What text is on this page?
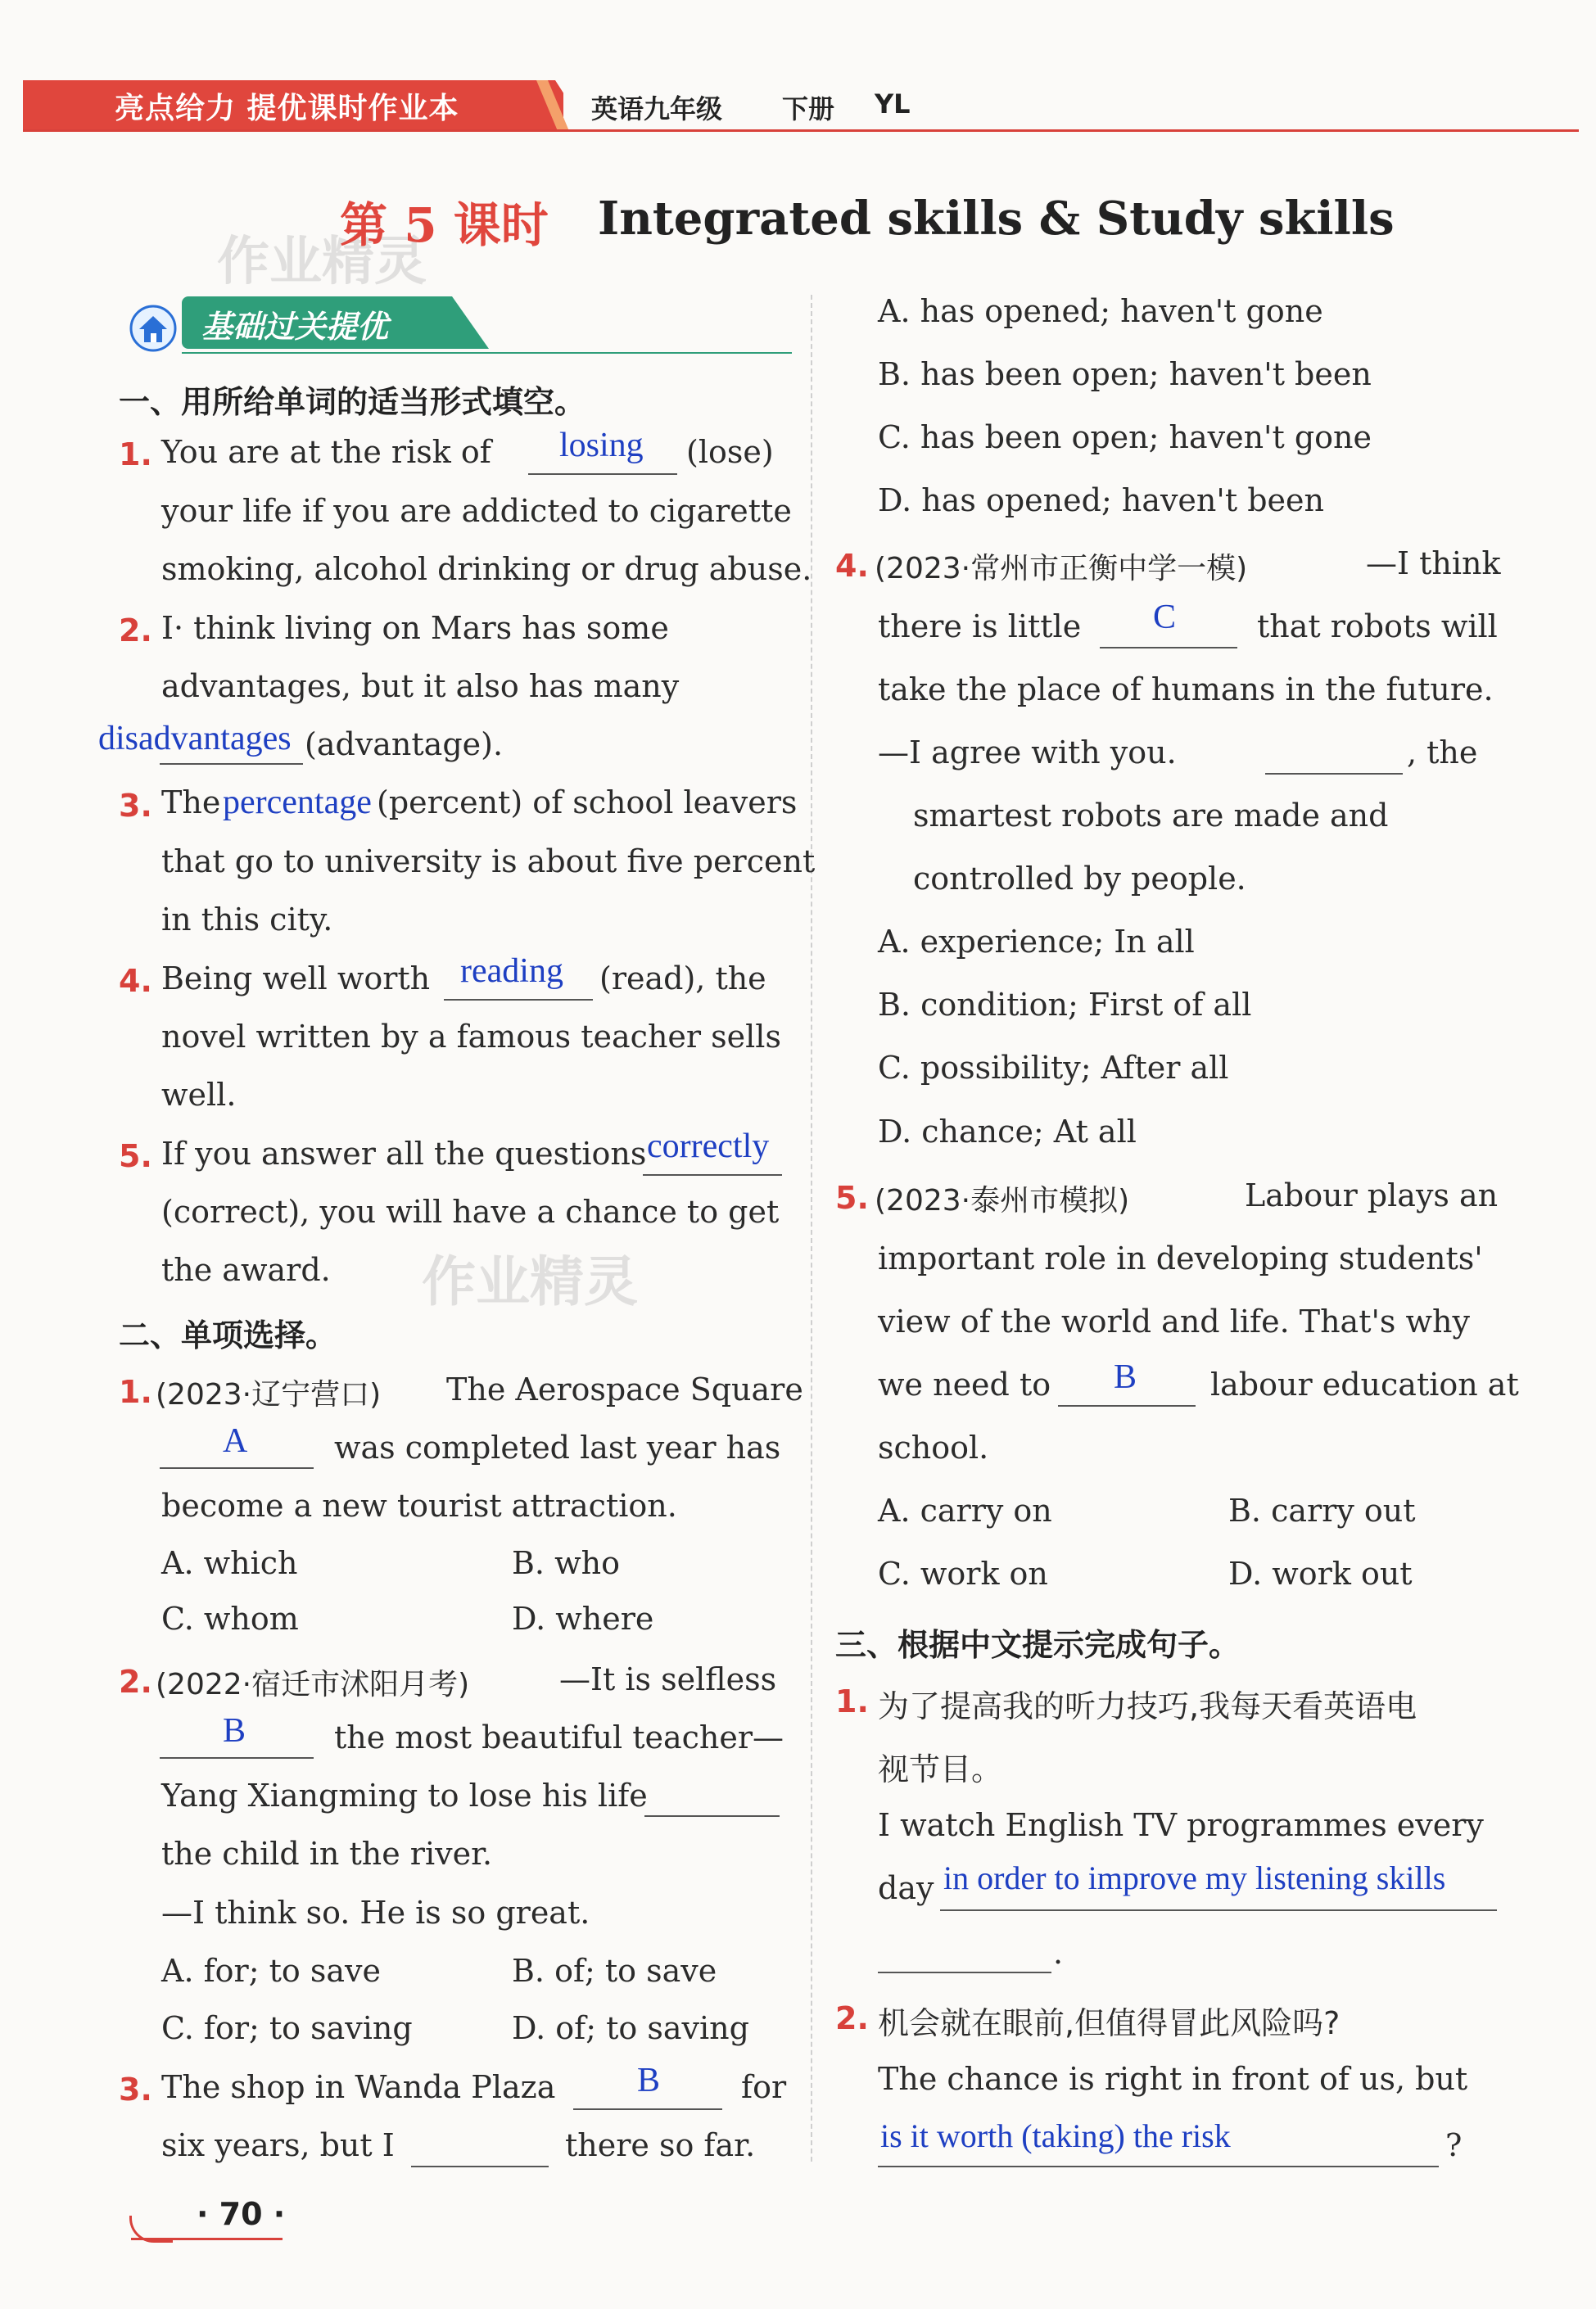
亮点给力 提优课时作业本	英语九年级 下册 YL
作业精灵
第 5 课时 Integrated skills & Study skills
基础过关提优
一、用所给单词的适当形式填空。
1. You are at the risk of losing (lose)
your life if you are addicted to cigarette
smoking, alcohol drinking or drug abuse.
2. I· think living on Mars has some
advantages, but it also has many
disadvantages (advantage).
3. The percentage (percent) of school leavers
that go to university is about five percent
in this city.
4. Being well worth reading (read), the
novel written by a famous teacher sells
well.
5. If you answer all the questions correctly
(correct), you will have a chance to get
the award. 作业精灵
二、单项选择。
1. (2023·辽宁营口) The Aerospace Square
A	was completed last year has
become a new tourist attraction.
A. which	B. who
C. whom	D. where
2. (2022·宿迁市沭阳月考)	—It is selfless
B	the most beautiful teacher—
Yang Xiangming to lose his life
the child in the river.
—I think so. He is so great.
A. for; to save	B. of; to save
C. for; to saving	D. of; to saving
3. The shop in Wanda Plaza B	for
six years, but I	there so far.
· 70 ·
A. has opened; haven't gone
B. has been open; haven't been
C. has been open; haven't gone
D. has opened; haven't been
4. (2023·常州市正衡中学一模)	—I think
there is little C	that robots will
take the place of humans in the future.
—I agree with you.	, the
smartest robots are made and
controlled by people.
A. experience; In all
B. condition; First of all
C. possibility; After all
D. chance; At all
5. (2023·泰州市模拟)	Labour plays an
important role in developing students'
view of the world and life. That's why
we need to B labour education at
school.
A. carry on	B. carry out
C. work on	D. work out
三、根据中文提示完成句子。
1. 为了提高我的听力技巧,我每天看英语电
视节目。
I watch English TV programmes every
day in order to improve my listening skills
.
2. 机会就在眼前,但值得冒此风险吗?
The chance is right in front of us, but
is it worth (taking) the risk	?
